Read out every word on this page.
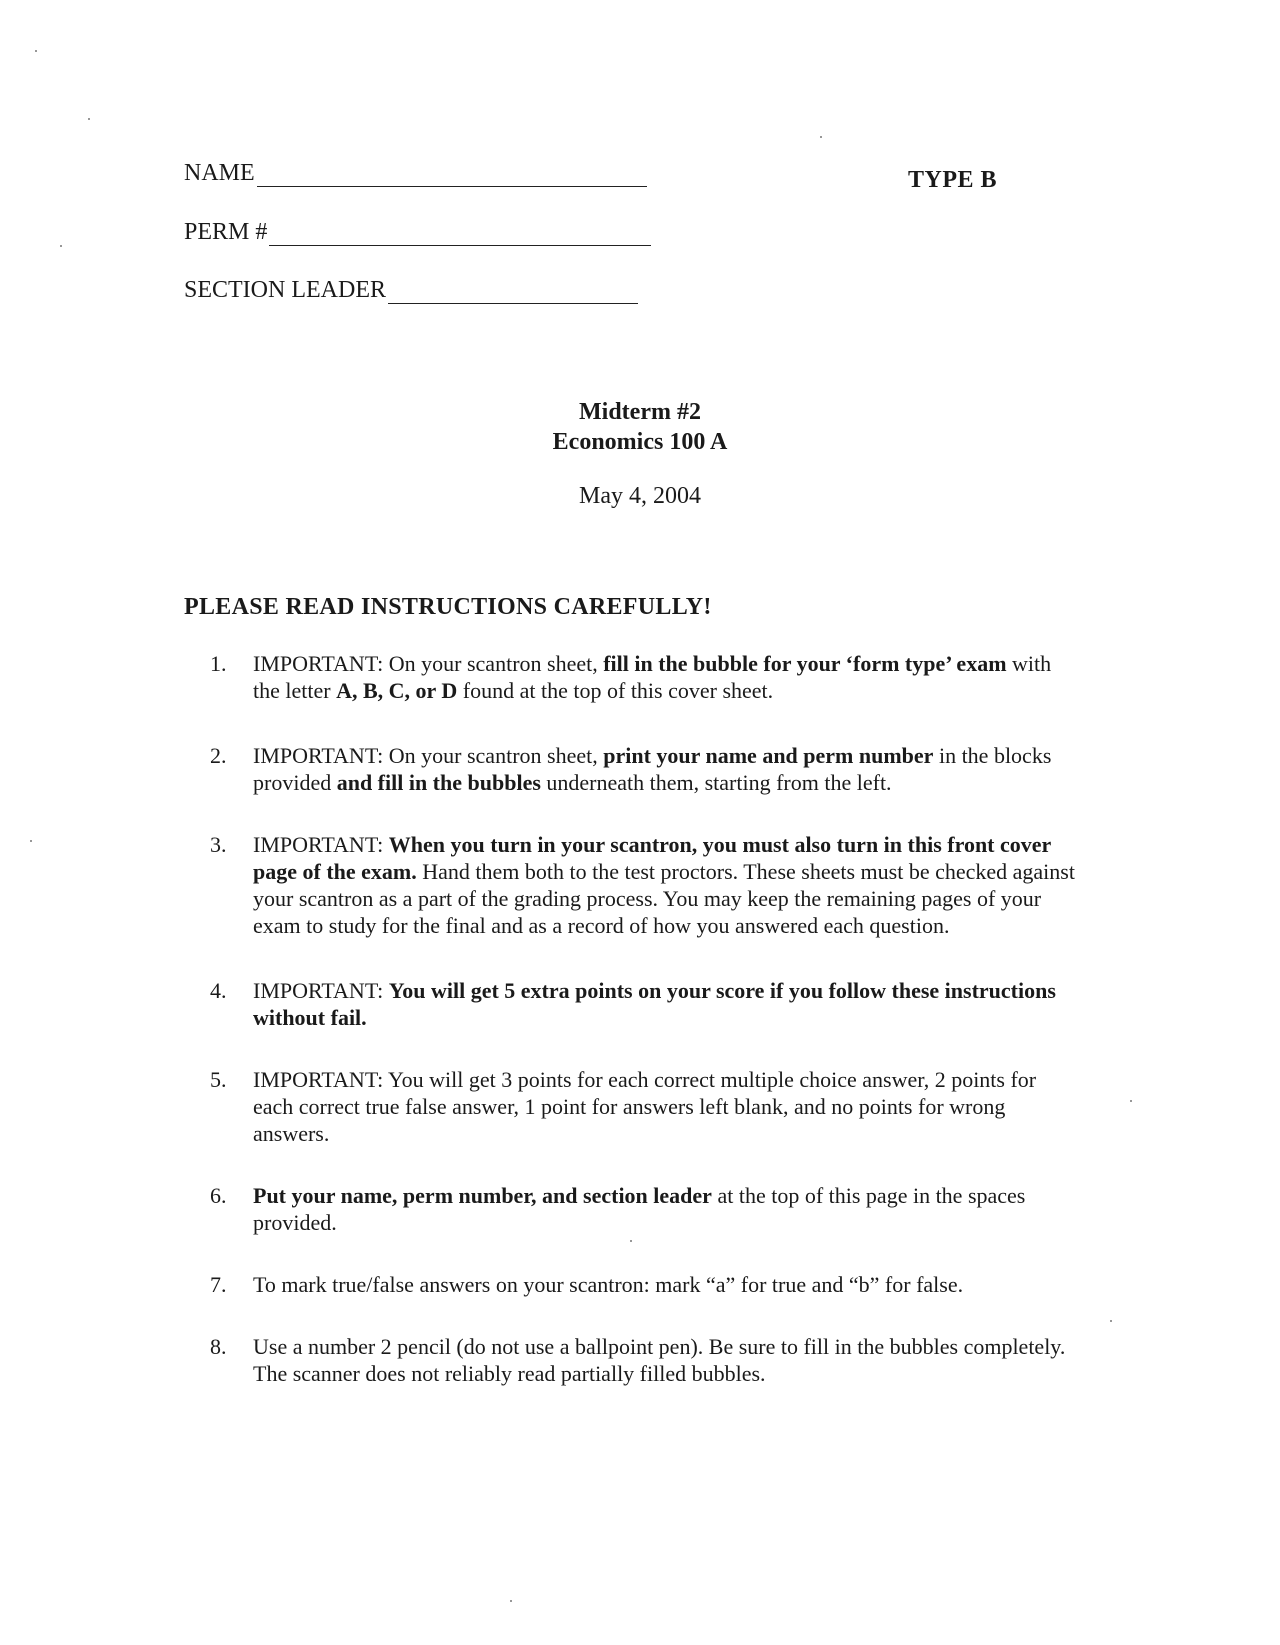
NAME
PERM #
SECTION LEADER
TYPE B
Midterm #2
Economics 100 A
May 4, 2004
PLEASE READ INSTRUCTIONS CAREFULLY!
1. IMPORTANT: On your scantron sheet, fill in the bubble for your ‘form type’ exam with the letter A, B, C, or D found at the top of this cover sheet.
2. IMPORTANT: On your scantron sheet, print your name and perm number in the blocks provided and fill in the bubbles underneath them, starting from the left.
3. IMPORTANT: When you turn in your scantron, you must also turn in this front cover page of the exam. Hand them both to the test proctors. These sheets must be checked against your scantron as a part of the grading process. You may keep the remaining pages of your exam to study for the final and as a record of how you answered each question.
4. IMPORTANT: You will get 5 extra points on your score if you follow these instructions without fail.
5. IMPORTANT: You will get 3 points for each correct multiple choice answer, 2 points for each correct true false answer, 1 point for answers left blank, and no points for wrong answers.
6. Put your name, perm number, and section leader at the top of this page in the spaces provided.
7. To mark true/false answers on your scantron: mark “a” for true and “b” for false.
8. Use a number 2 pencil (do not use a ballpoint pen). Be sure to fill in the bubbles completely. The scanner does not reliably read partially filled bubbles.
